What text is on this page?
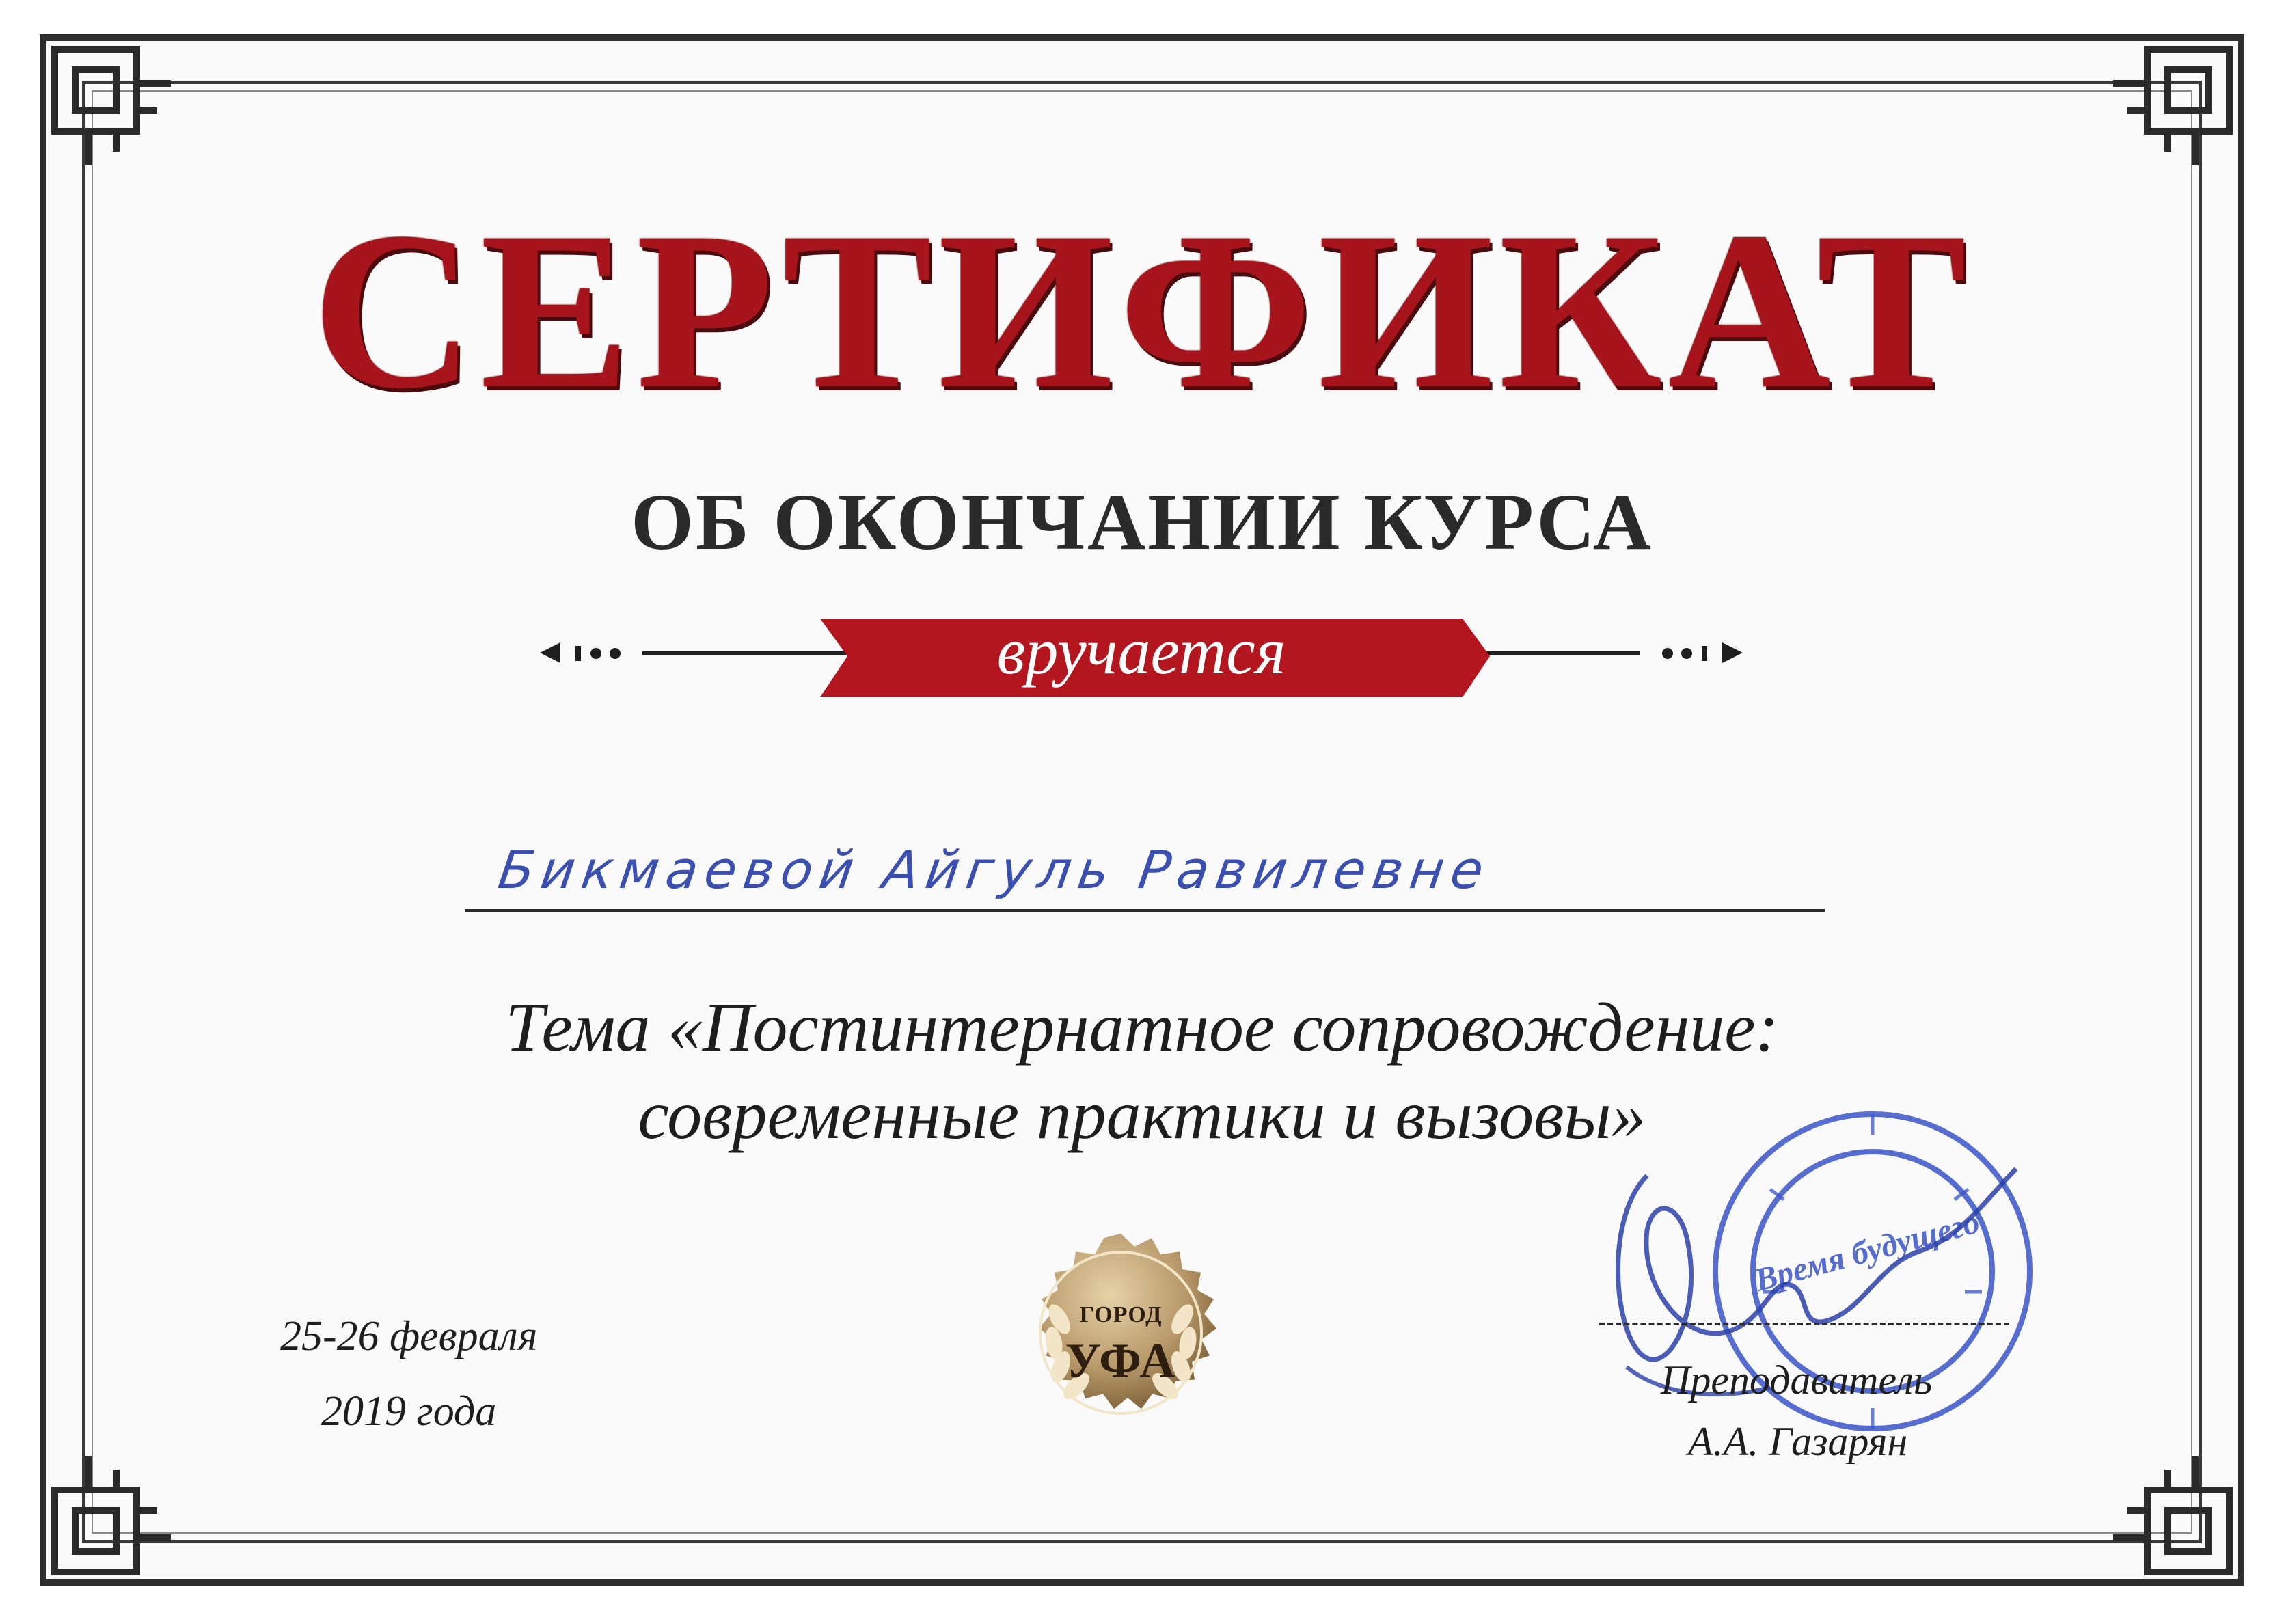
СЕРТИФИКАТ
ОБ ОКОНЧАНИИ КУРСА
вручается
Бикмаевой Айгуль Равилевне
Тема «Постинтернатное сопровождение:
современные практики и вызовы»
25-26 февраля
2019 года
ГОРОД
УФА
Время будущего
Преподаватель
А.А. Газарян
